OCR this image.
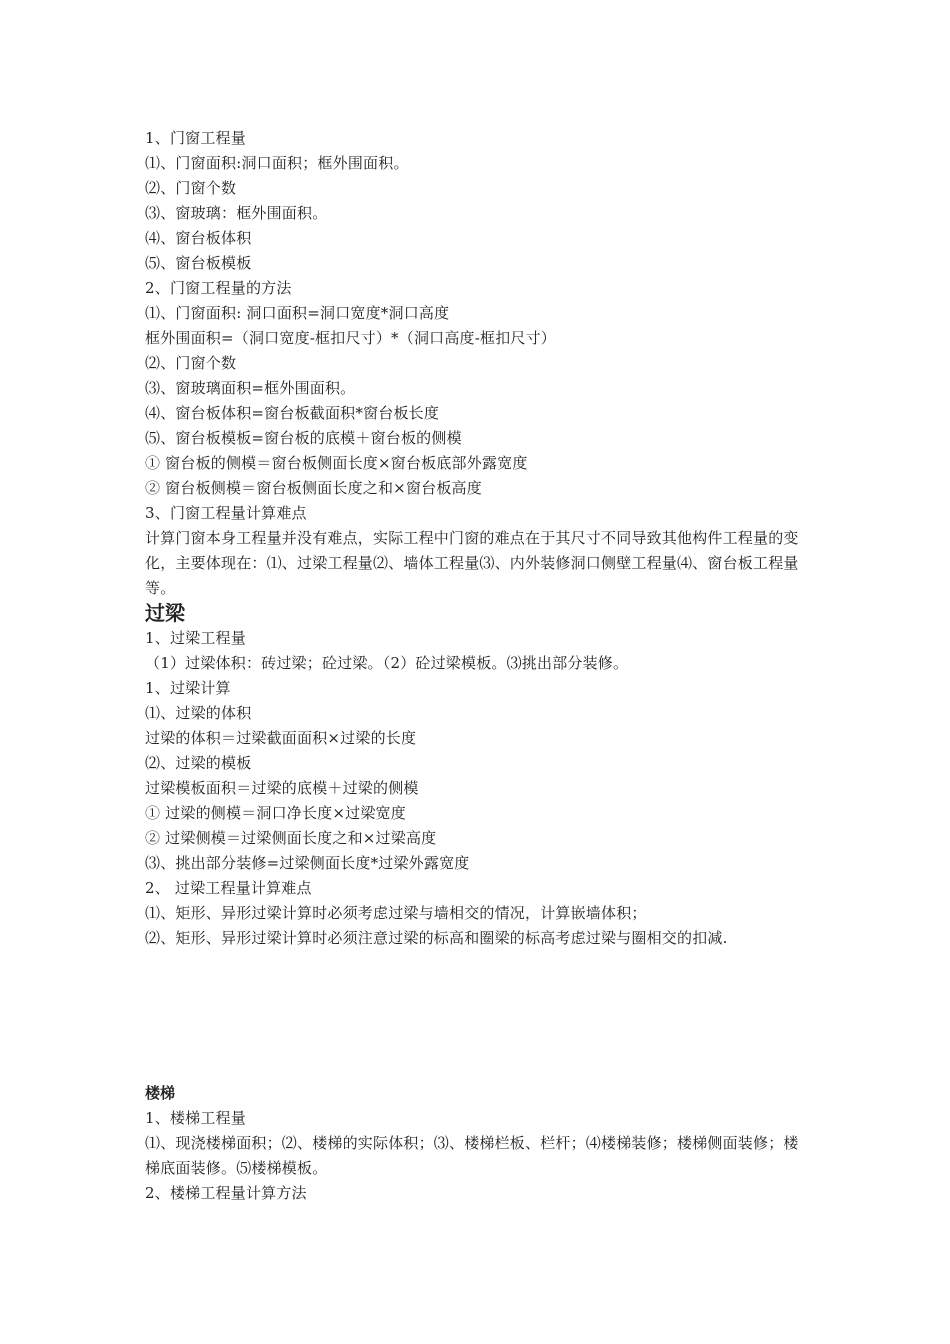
1、门窗工程量
⑴、门窗面积:洞口面积；框外围面积。
⑵、门窗个数
⑶、窗玻璃：框外围面积。
⑷、窗台板体积
⑸、窗台板模板
2、门窗工程量的方法
⑴、门窗面积: 洞口面积=洞口宽度*洞口高度
框外围面积=（洞口宽度-框扣尺寸）*（洞口高度-框扣尺寸）
⑵、门窗个数
⑶、窗玻璃面积=框外围面积。
⑷、窗台板体积=窗台板截面积*窗台板长度
⑸、窗台板模板=窗台板的底模＋窗台板的侧模
① 窗台板的侧模＝窗台板侧面长度×窗台板底部外露宽度
② 窗台板侧模＝窗台板侧面长度之和×窗台板高度
3、门窗工程量计算难点
计算门窗本身工程量并没有难点，实际工程中门窗的难点在于其尺寸不同导致其他构件工程量的变化，主要体现在：⑴、过梁工程量⑵、墙体工程量⑶、内外装修洞口侧壁工程量⑷、窗台板工程量等。
过梁
1、过梁工程量
（1）过梁体积：砖过梁；砼过梁。（2）砼过梁模板。⑶挑出部分装修。
1、过梁计算
⑴、过梁的体积
过梁的体积＝过梁截面面积×过梁的长度
⑵、过梁的模板
过梁模板面积＝过梁的底模＋过梁的侧模
① 过梁的侧模＝洞口净长度×过梁宽度
② 过梁侧模＝过梁侧面长度之和×过梁高度
⑶、挑出部分装修=过梁侧面长度*过梁外露宽度
2、 过梁工程量计算难点
⑴、矩形、异形过梁计算时必须考虑过梁与墙相交的情况，计算嵌墙体积；
⑵、矩形、异形过梁计算时必须注意过梁的标高和圈梁的标高考虑过梁与圈相交的扣减.
楼梯
1、楼梯工程量
⑴、现浇楼梯面积；⑵、楼梯的实际体积；⑶、楼梯栏板、栏杆；⑷楼梯装修；楼梯侧面装修；楼梯底面装修。⑸楼梯模板。
2、楼梯工程量计算方法
